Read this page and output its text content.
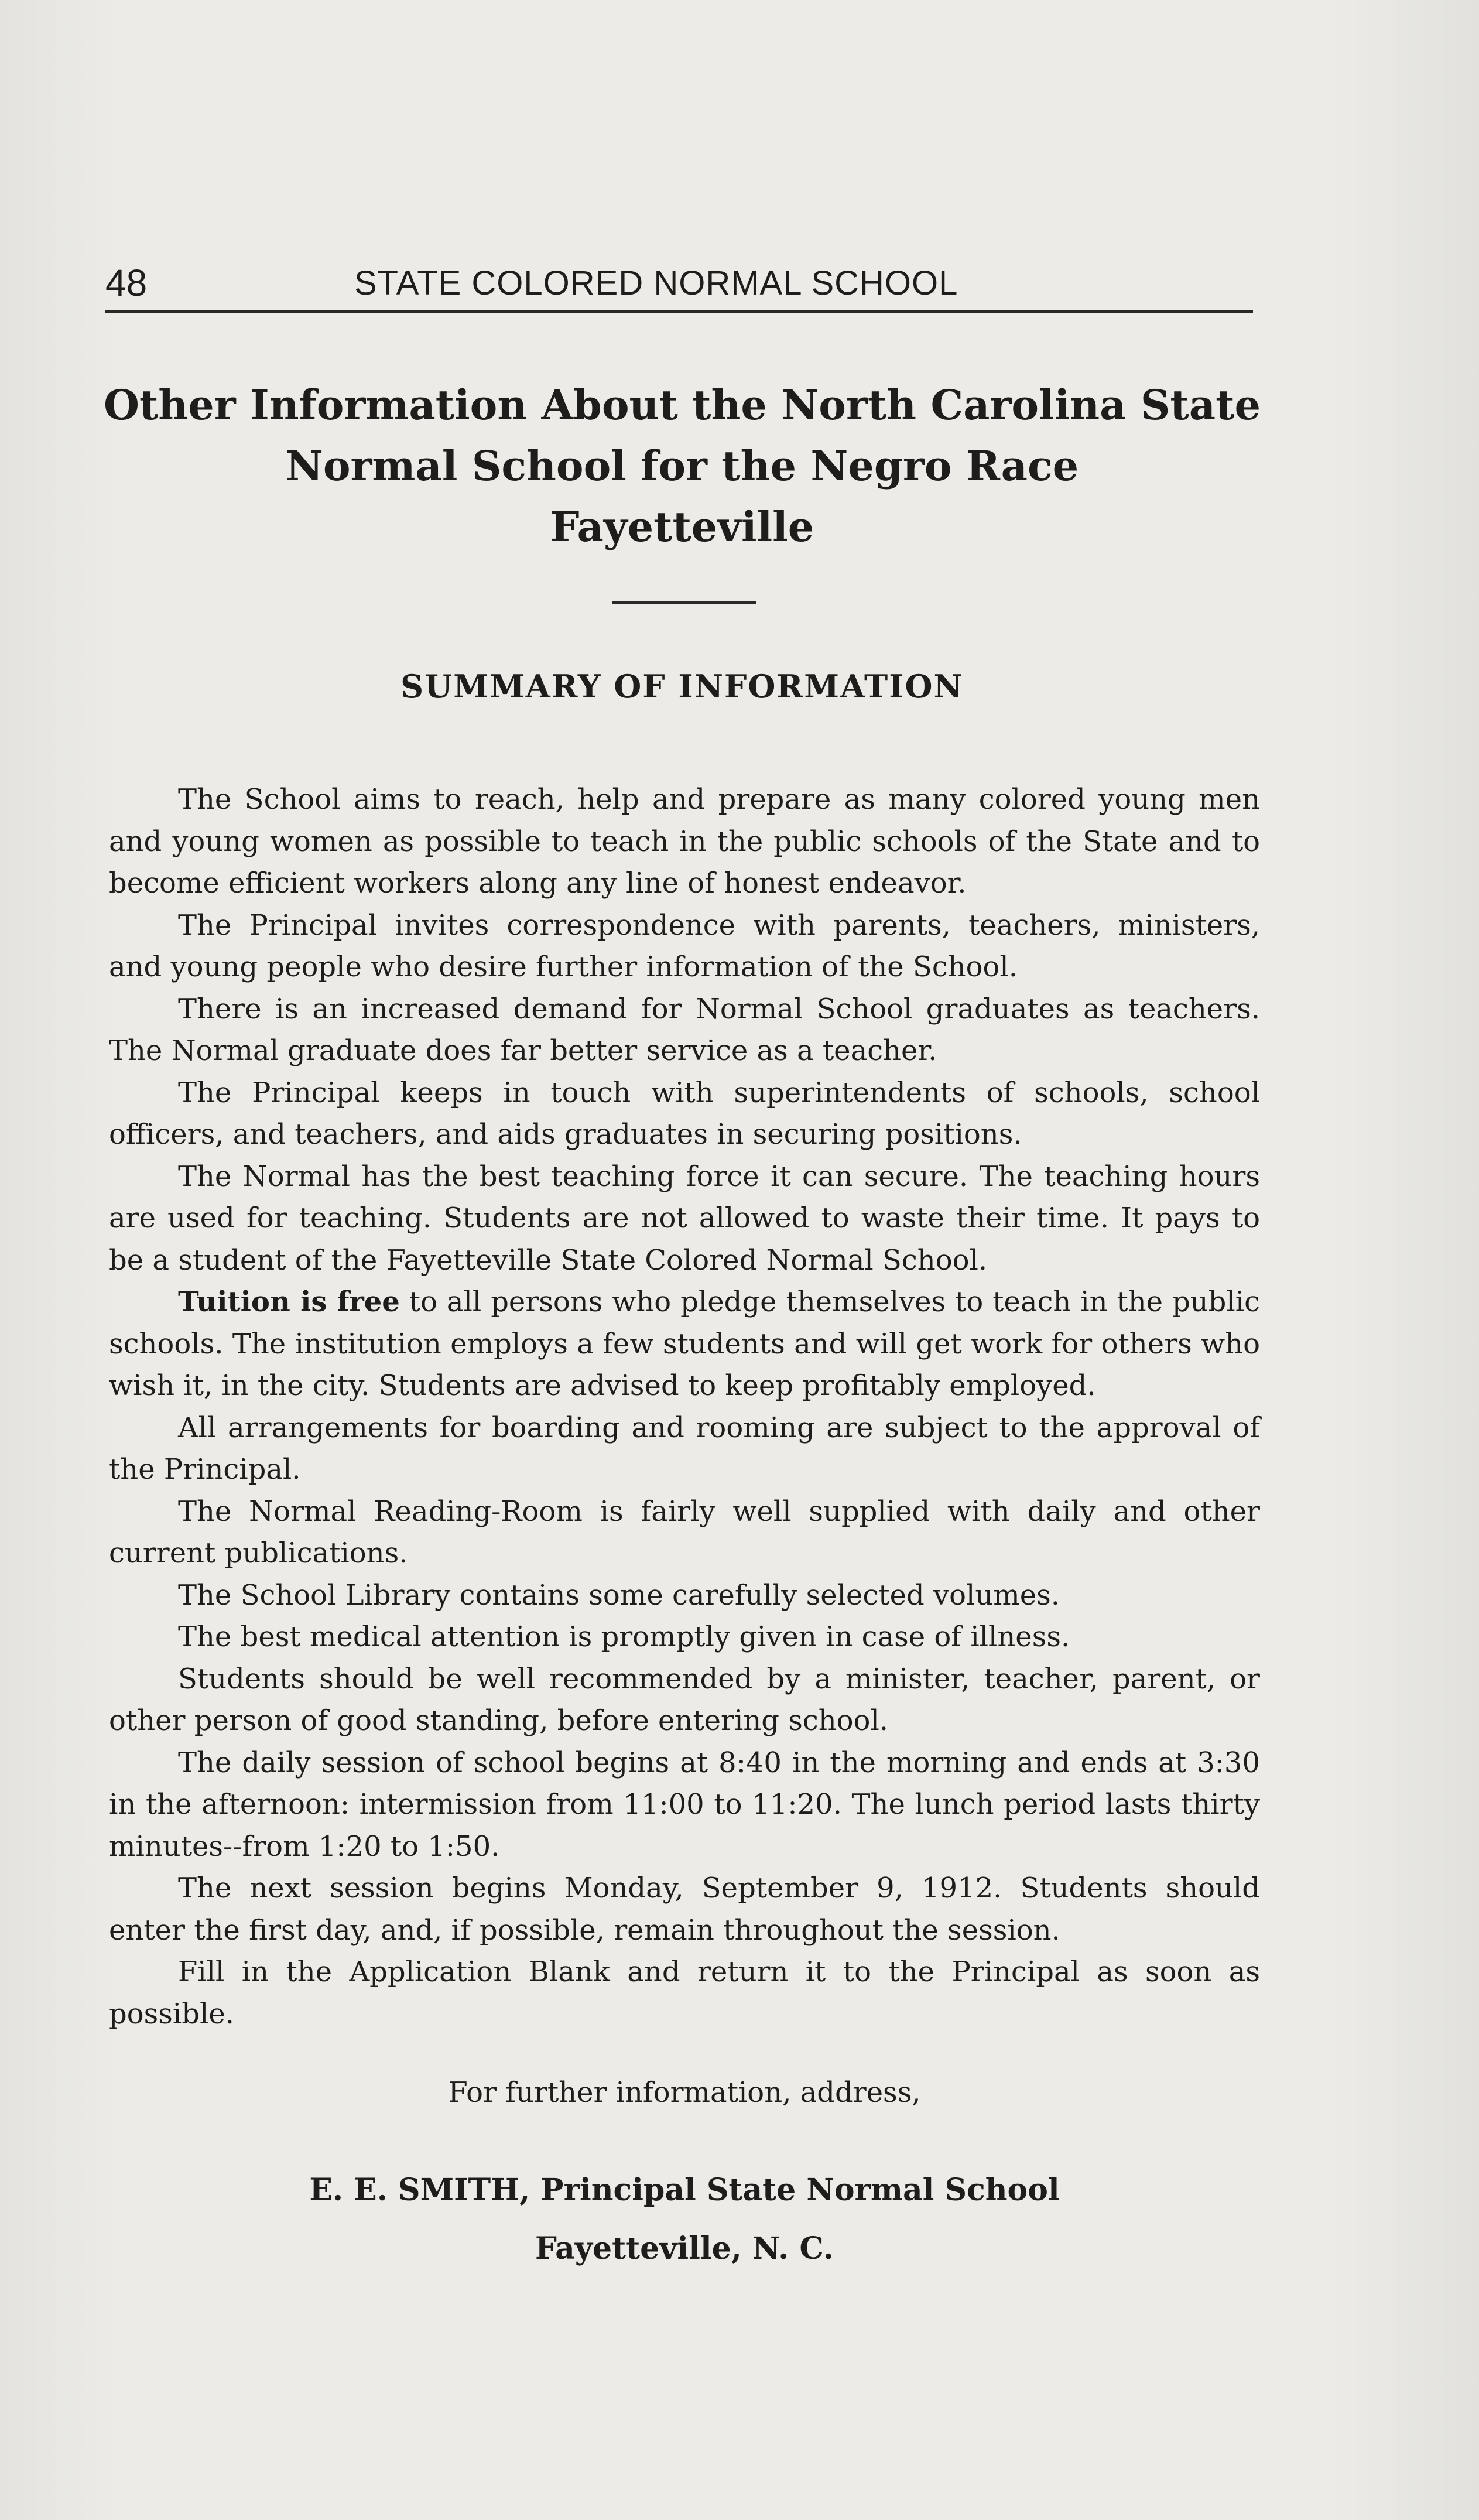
48	STATE COLORED NORMAL SCHOOL
Other Information About the North Carolina State
Normal School for the Negro Race
Fayetteville
SUMMARY OF INFORMATION

The School aims to reach, help and prepare as many colored young men and young women as possible to teach in the public schools of the State and to become efficient workers along any line of honest endeavor.

The Principal invites correspondence with parents, teachers, ministers, and young people who desire further information of the School.

There is an increased demand for Normal School graduates as teachers. The Normal graduate does far better service as a teacher.

The Principal keeps in touch with superintendents of schools, school officers, and teachers, and aids graduates in securing positions.

The Normal has the best teaching force it can secure. The teaching hours are used for teaching. Students are not allowed to waste their time. It pays to be a student of the Fayetteville State Colored Normal School.

Tuition is free to all persons who pledge themselves to teach in the public schools. The institution employs a few students and will get work for others who wish it, in the city. Students are advised to keep profitably employed.

All arrangements for boarding and rooming are subject to the approval of the Principal.

The Normal Reading-Room is fairly well supplied with daily and other current publications.

The School Library contains some carefully selected volumes.

The best medical attention is promptly given in case of illness.

Students should be well recommended by a minister, teacher, parent, or other person of good standing, before entering school.

The daily session of school begins at 8:40 in the morning and ends at 3:30 in the afternoon: intermission from 11:00 to 11:20. The lunch period lasts thirty minutes--from 1:20 to 1:50.

The next session begins Monday, September 9, 1912. Students should enter the first day, and, if possible, remain throughout the session.

Fill in the Application Blank and return it to the Principal as soon as possible.

For further information, address,
E. E. SMITH, Principal State Normal School
Fayetteville, N. C.
